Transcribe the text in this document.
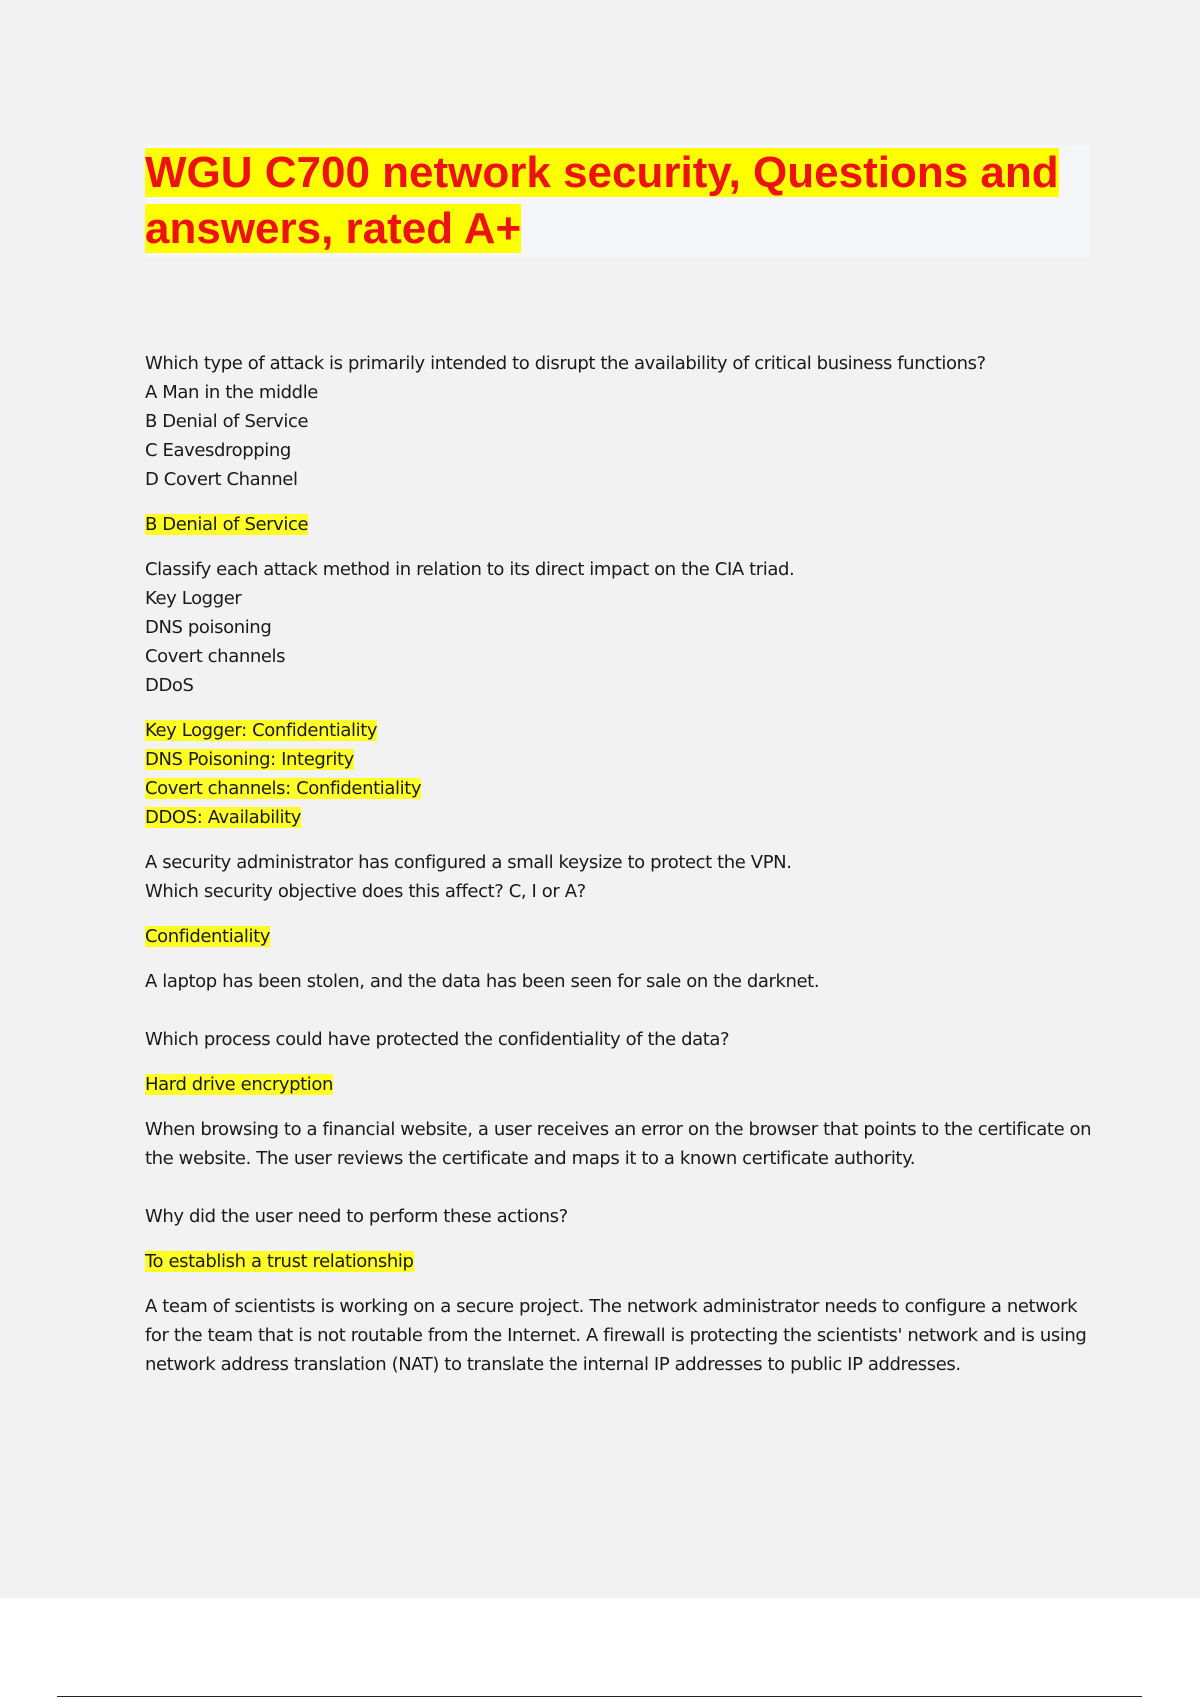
WGU C700 network security, Questions and answers, rated A+

Which type of attack is primarily intended to disrupt the availability of critical business functions?

A Man in the middle

B Denial of Service

C Eavesdropping

D Covert Channel

B Denial of Service

Classify each attack method in relation to its direct impact on the CIA triad.

Key Logger

DNS poisoning

Covert channels

DDoS

Key Logger: Confidentiality

DNS Poisoning: Integrity

Covert channels: Confidentiality

DDOS: Availability

A security administrator has configured a small keysize to protect the VPN.

Which security objective does this affect? C, I or A?

Confidentiality

A laptop has been stolen, and the data has been seen for sale on the darknet.

Which process could have protected the confidentiality of the data?

Hard drive encryption

When browsing to a financial website, a user receives an error on the browser that points to the certificate on the website. The user reviews the certificate and maps it to a known certificate authority.

Why did the user need to perform these actions?

To establish a trust relationship

A team of scientists is working on a secure project. The network administrator needs to configure a network for the team that is not routable from the Internet. A firewall is protecting the scientists' network and is using network address translation (NAT) to translate the internal IP addresses to public IP addresses.
